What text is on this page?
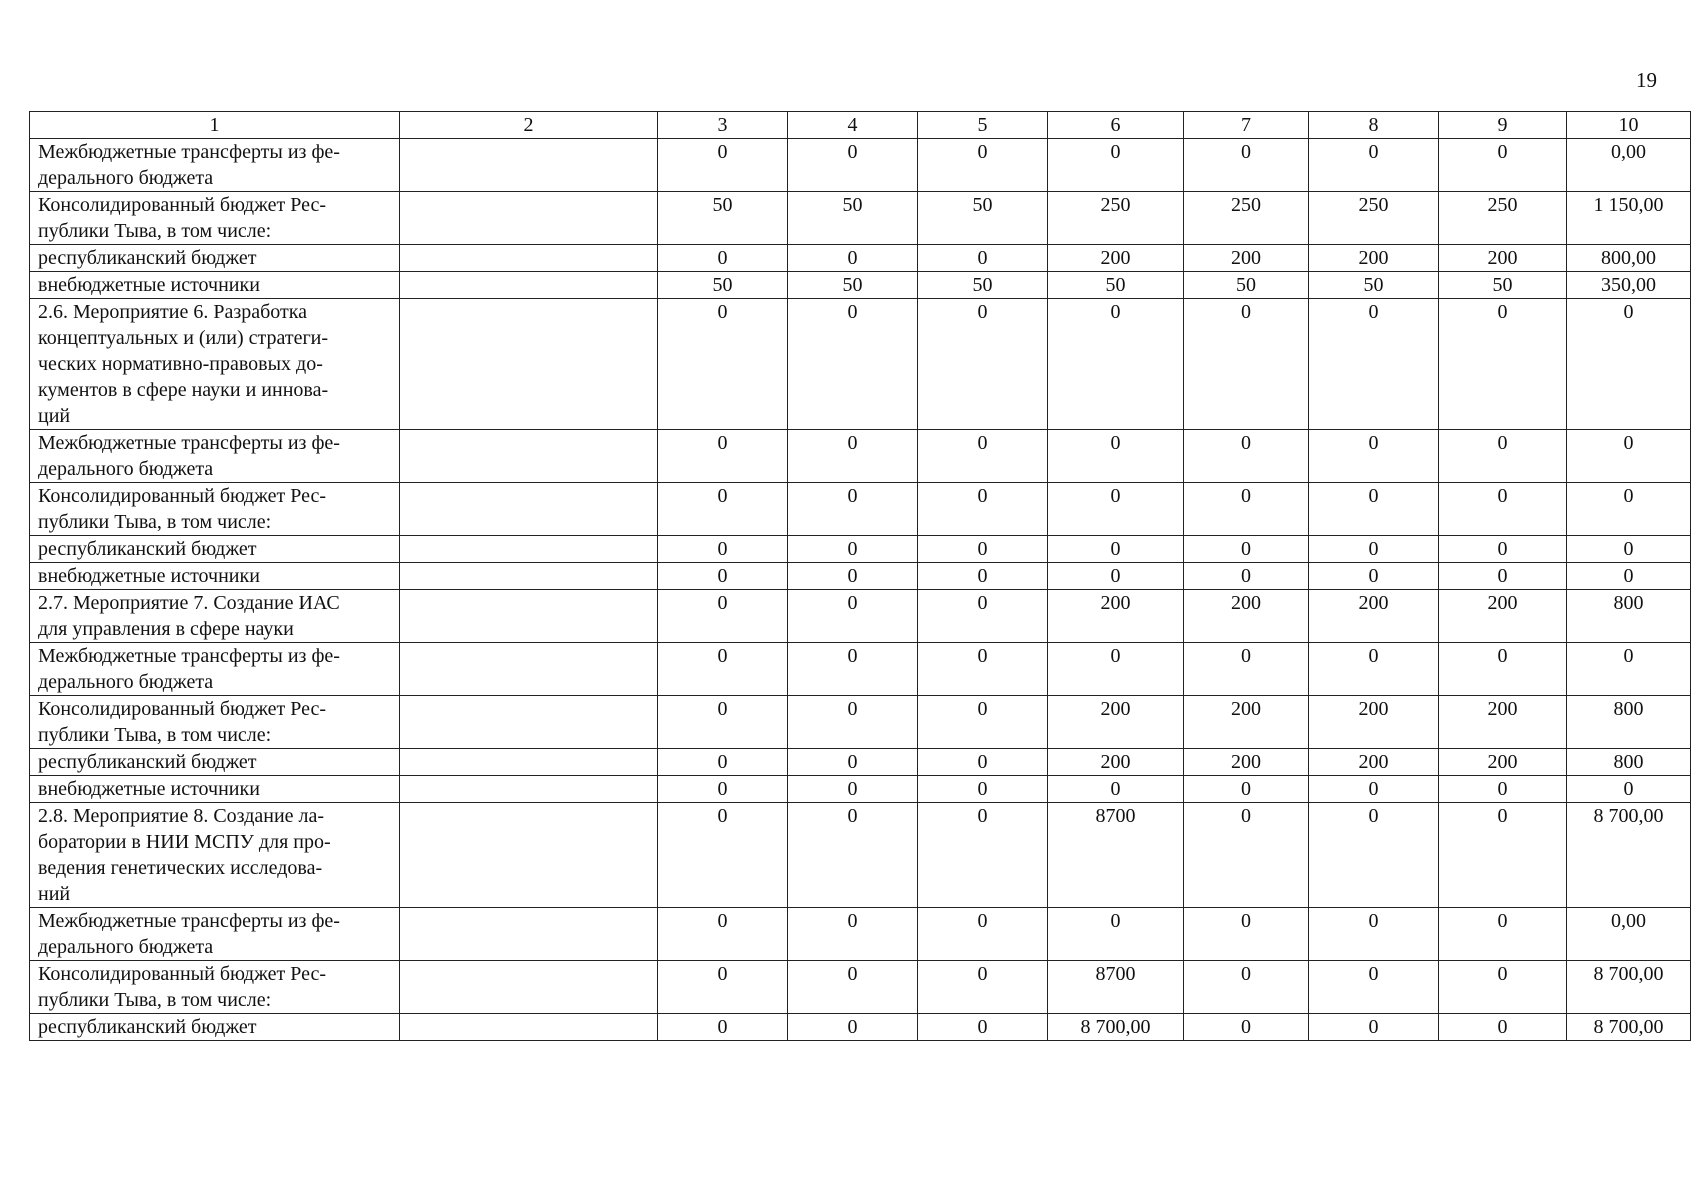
19
1	2	3	4	5	6	7	8	9	10
Межбюджетные трансферты из фе-
дерального бюджета		0	0	0	0	0	0	0	0,00
Консолидированный бюджет Рес-
публики Тыва, в том числе:		50	50	50	250	250	250	250	1 150,00
республиканский бюджет		0	0	0	200	200	200	200	800,00
внебюджетные источники		50	50	50	50	50	50	50	350,00
2.6. Мероприятие 6. Разработка
концептуальных и (или) стратеги-
ческих нормативно-правовых до-
кументов в сфере науки и иннова-
ций		0	0	0	0	0	0	0	0
Межбюджетные трансферты из фе-
дерального бюджета		0	0	0	0	0	0	0	0
Консолидированный бюджет Рес-
публики Тыва, в том числе:		0	0	0	0	0	0	0	0
республиканский бюджет		0	0	0	0	0	0	0	0
внебюджетные источники		0	0	0	0	0	0	0	0
2.7. Мероприятие 7. Создание ИАС
для управления в сфере науки		0	0	0	200	200	200	200	800
Межбюджетные трансферты из фе-
дерального бюджета		0	0	0	0	0	0	0	0
Консолидированный бюджет Рес-
публики Тыва, в том числе:		0	0	0	200	200	200	200	800
республиканский бюджет		0	0	0	200	200	200	200	800
внебюджетные источники		0	0	0	0	0	0	0	0
2.8. Мероприятие 8. Создание ла-
боратории в НИИ МСПУ для про-
ведения генетических исследова-
ний		0	0	0	8700	0	0	0	8 700,00
Межбюджетные трансферты из фе-
дерального бюджета		0	0	0	0	0	0	0	0,00
Консолидированный бюджет Рес-
публики Тыва, в том числе:		0	0	0	8700	0	0	0	8 700,00
республиканский бюджет		0	0	0	8 700,00	0	0	0	8 700,00
